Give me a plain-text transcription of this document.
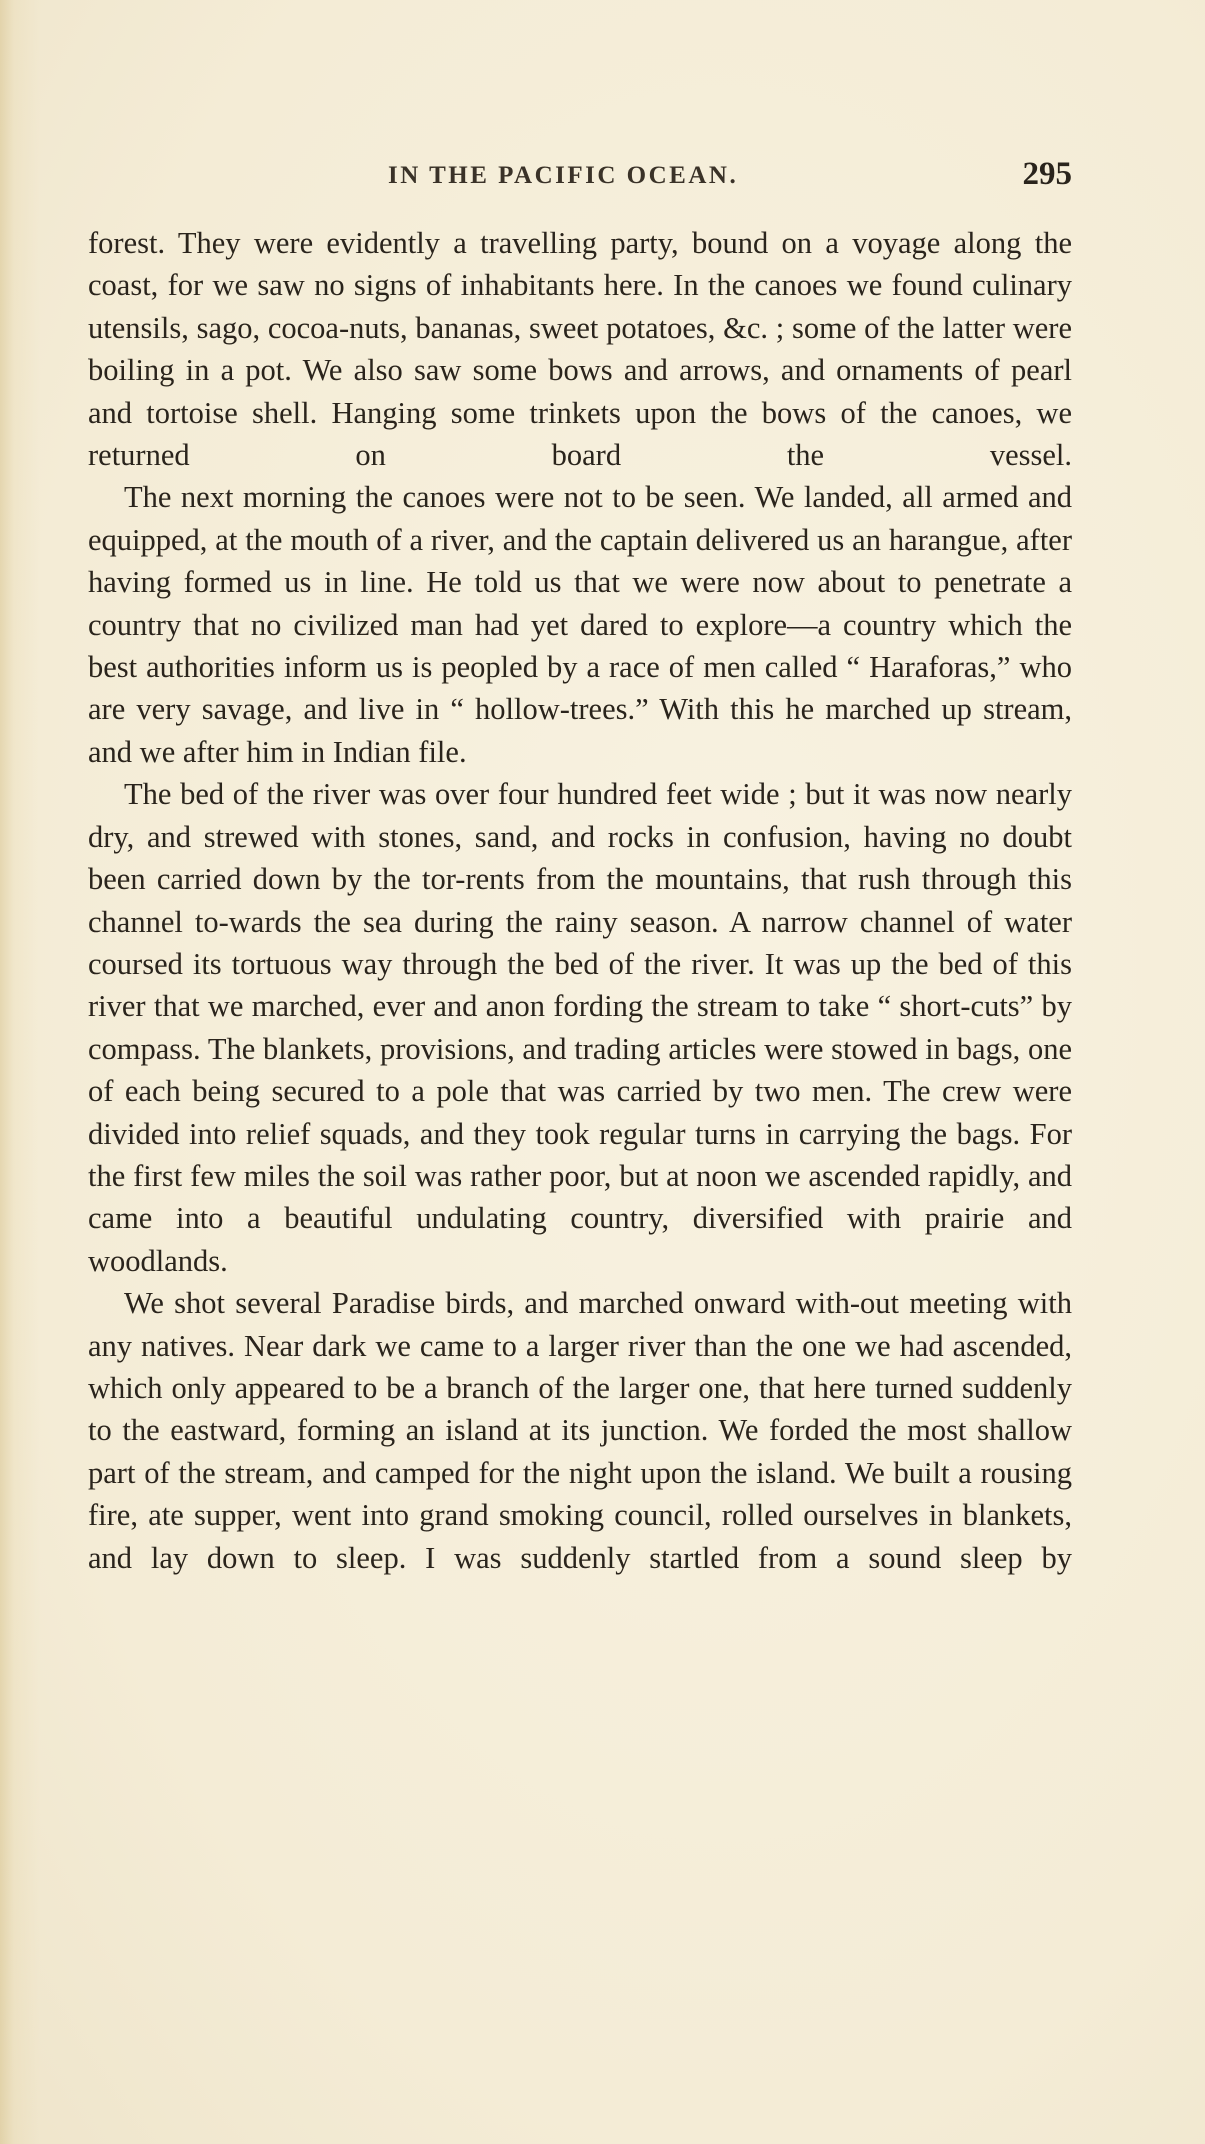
IN THE PACIFIC OCEAN.	295

forest. They were evidently a travelling party, bound on a voyage along the coast, for we saw no signs of inhabitants here. In the canoes we found culinary utensils, sago, cocoa-nuts, bananas, sweet potatoes, &c. ; some of the latter were boiling in a pot. We also saw some bows and arrows, and ornaments of pearl and tortoise shell. Hanging some trinkets upon the bows of the canoes, we returned on board the vessel.

The next morning the canoes were not to be seen. We landed, all armed and equipped, at the mouth of a river, and the captain delivered us an harangue, after having formed us in line. He told us that we were now about to penetrate a country that no civilized man had yet dared to explore—a country which the best authorities inform us is peopled by a race of men called “ Haraforas,” who are very savage, and live in “ hollow-trees.” With this he marched up stream, and we after him in Indian file.

The bed of the river was over four hundred feet wide ; but it was now nearly dry, and strewed with stones, sand, and rocks in confusion, having no doubt been carried down by the tor-rents from the mountains, that rush through this channel to-wards the sea during the rainy season. A narrow channel of water coursed its tortuous way through the bed of the river. It was up the bed of this river that we marched, ever and anon fording the stream to take “ short-cuts” by compass. The blankets, provisions, and trading articles were stowed in bags, one of each being secured to a pole that was carried by two men. The crew were divided into relief squads, and they took regular turns in carrying the bags. For the first few miles the soil was rather poor, but at noon we ascended rapidly, and came into a beautiful undulating country, diversified with prairie and woodlands.

We shot several Paradise birds, and marched onward with-out meeting with any natives. Near dark we came to a larger river than the one we had ascended, which only appeared to be a branch of the larger one, that here turned suddenly to the eastward, forming an island at its junction. We forded the most shallow part of the stream, and camped for the night upon the island. We built a rousing fire, ate supper, went into grand smoking council, rolled ourselves in blankets, and lay down to sleep. I was suddenly startled from a sound sleep by
